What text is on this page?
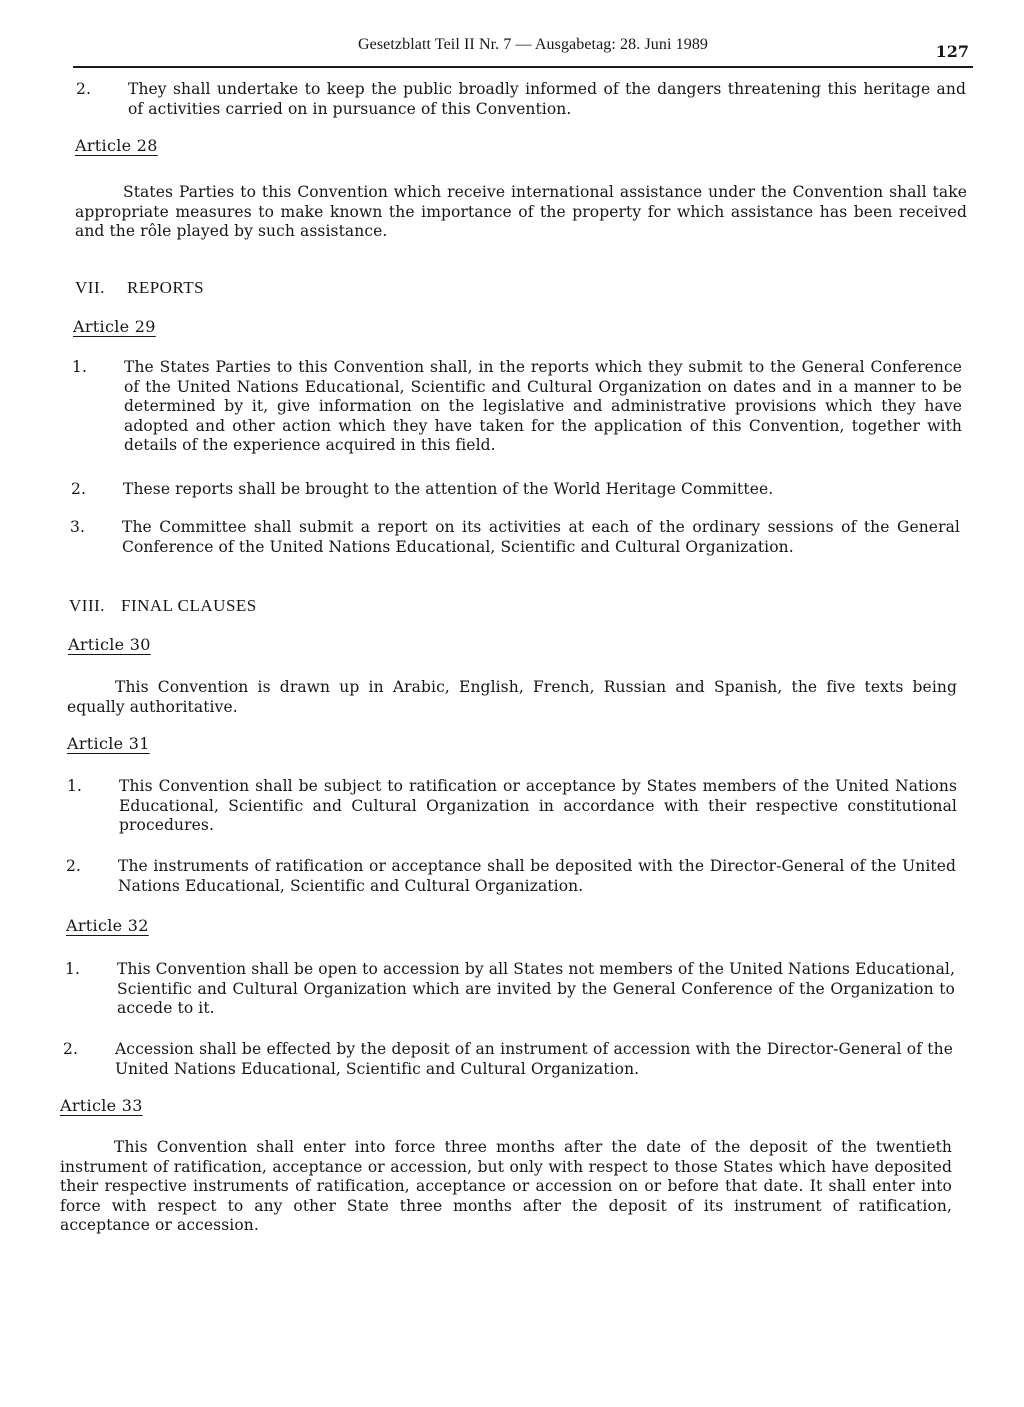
Gesetzblatt Teil II Nr. 7 — Ausgabetag: 28. Juni 1989	127
2.	They shall undertake to keep the public broadly informed of the dangers threatening this heritage and of activities carried on in pursuance of this Convention.
Article 28
States Parties to this Convention which receive international assistance under the Convention shall take appropriate measures to make known the importance of the property for which assistance has been received and the rôle played by such assistance.
VII. REPORTS
Article 29
1.	The States Parties to this Convention shall, in the reports which they submit to the General Conference of the United Nations Educational, Scientific and Cultural Organization on dates and in a manner to be determined by it, give information on the legislative and administrative provisions which they have adopted and other action which they have taken for the application of this Convention, together with details of the experience acquired in this field.
2.	These reports shall be brought to the attention of the World Heritage Committee.
3.	The Committee shall submit a report on its activities at each of the ordinary sessions of the General Conference of the United Nations Educational, Scientific and Cultural Organization.
VIII. FINAL CLAUSES
Article 30
This Convention is drawn up in Arabic, English, French, Russian and Spanish, the five texts being equally authoritative.
Article 31
1.	This Convention shall be subject to ratification or acceptance by States members of the United Nations Educational, Scientific and Cultural Organization in accordance with their respective constitutional procedures.
2.	The instruments of ratification or acceptance shall be deposited with the Director-General of the United Nations Educational, Scientific and Cultural Organization.
Article 32
1.	This Convention shall be open to accession by all States not members of the United Nations Educational, Scientific and Cultural Organization which are invited by the General Conference of the Organization to accede to it.
2.	Accession shall be effected by the deposit of an instrument of accession with the Director-General of the United Nations Educational, Scientific and Cultural Organization.
Article 33
This Convention shall enter into force three months after the date of the deposit of the twentieth instrument of ratification, acceptance or accession, but only with respect to those States which have deposited their respective instruments of ratification, acceptance or accession on or before that date. It shall enter into force with respect to any other State three months after the deposit of its instrument of ratification, acceptance or accession.
